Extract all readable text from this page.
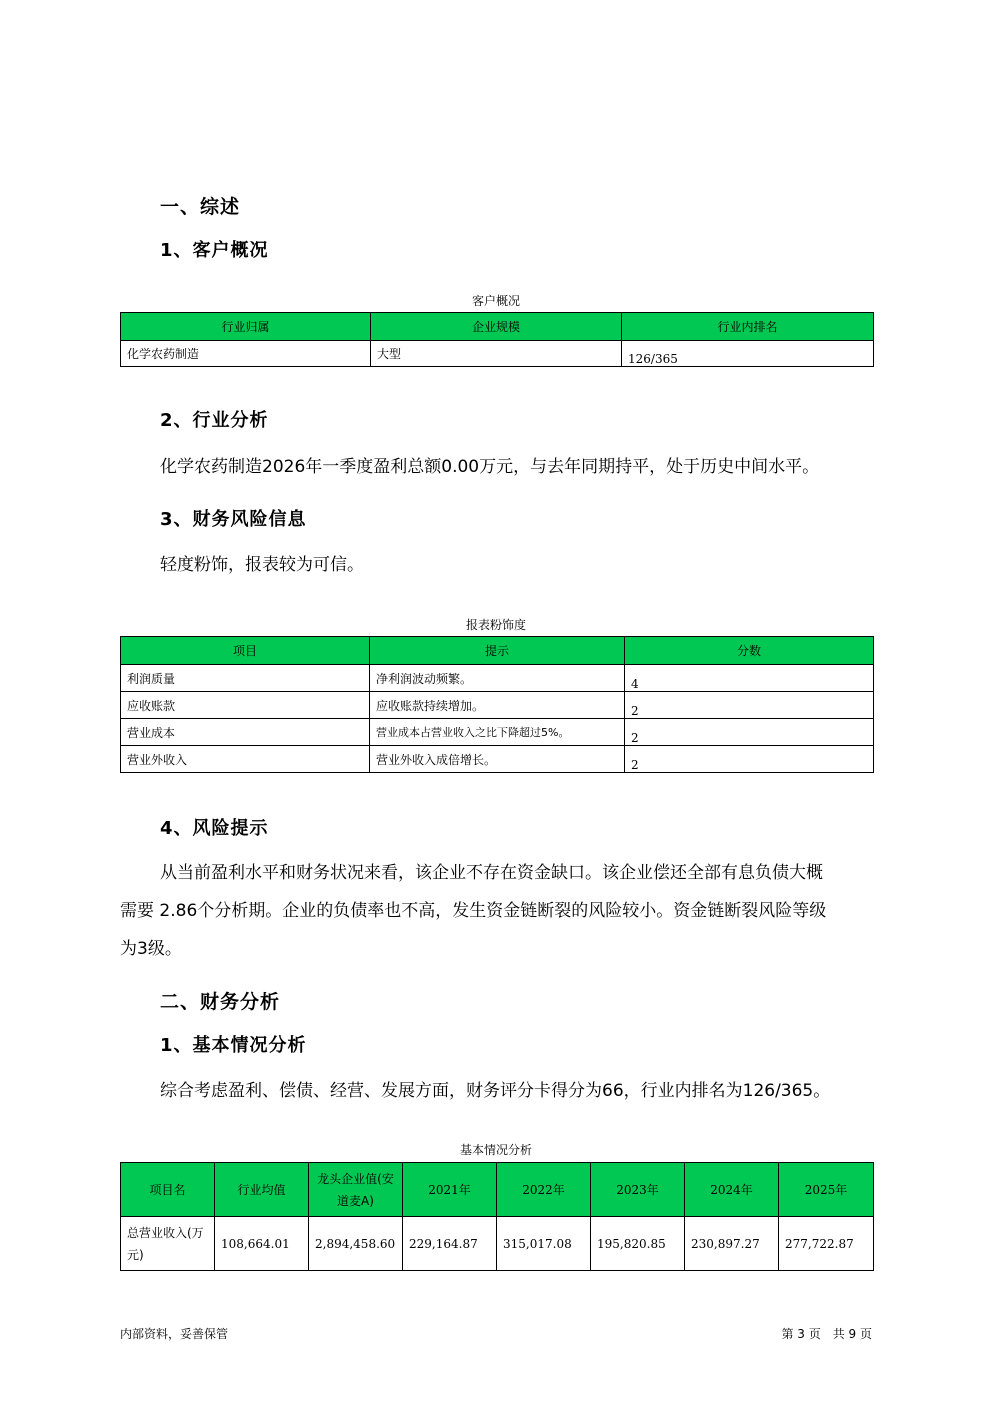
一、综述
1、客户概况
客户概况
行业归属	企业规模	行业内排名
化学农药制造	大型	126/365
2、行业分析
化学农药制造2026年一季度盈利总额0.00万元，与去年同期持平，处于历史中间水平。
3、财务风险信息
轻度粉饰，报表较为可信。
报表粉饰度
项目	提示	分数
利润质量	净利润波动频繁。	4
应收账款	应收账款持续增加。	2
营业成本	营业成本占营业收入之比下降超过5%。	2
营业外收入	营业外收入成倍增长。	2
4、风险提示
从当前盈利水平和财务状况来看，该企业不存在资金缺口。该企业偿还全部有息负债大概
需要 2.86个分析期。企业的负债率也不高，发生资金链断裂的风险较小。资金链断裂风险等级
为3级。
二、财务分析
1、基本情况分析
综合考虑盈利、偿债、经营、发展方面，财务评分卡得分为66，行业内排名为126/365。
基本情况分析
项目名	行业均值	龙头企业值(安道麦A)	2021年	2022年	2023年	2024年	2025年
总营业收入(万元)	108,664.01	2,894,458.60	229,164.87	315,017.08	195,820.85	230,897.27	277,722.87
内部资料，妥善保管	第 3 页　共 9 页
